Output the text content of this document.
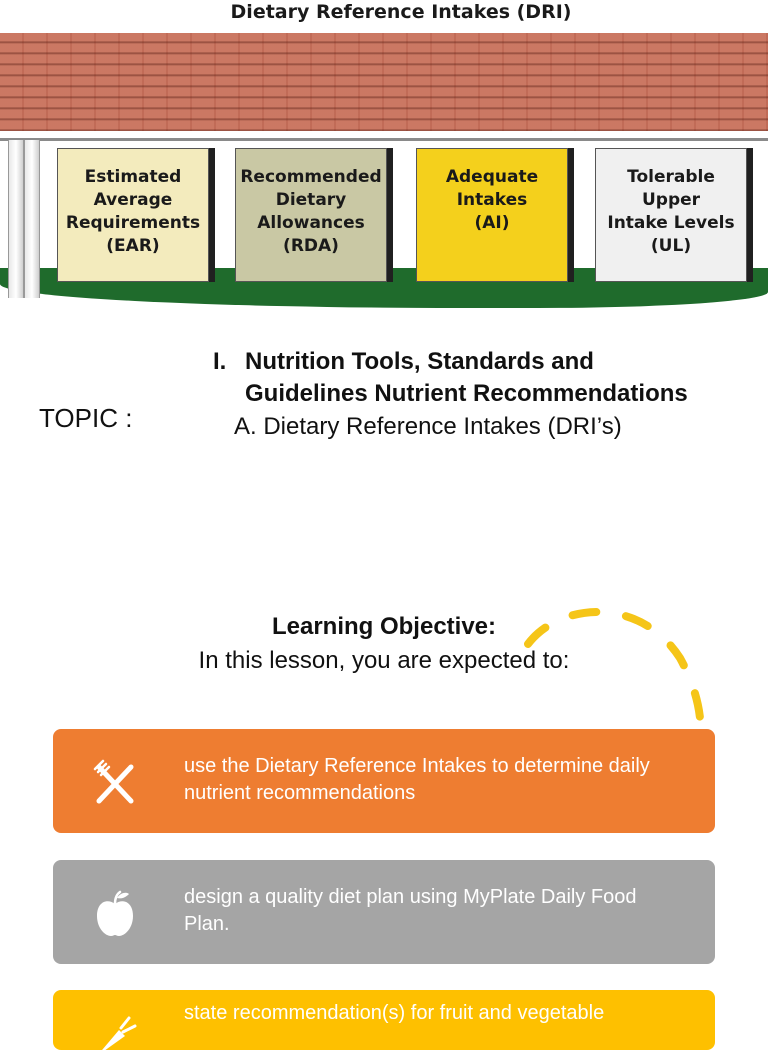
Dietary Reference Intakes (DRI)
Estimated
Average
Requirements
(EAR)
Recommended
Dietary
Allowances
(RDA)
Adequate
Intakes
(AI)
Tolerable
Upper
Intake Levels
(UL)
TOPIC :
I. Nutrition Tools, Standards and
Guidelines Nutrient Recommendations
A. Dietary Reference Intakes (DRI’s)
Learning Objective:
In this lesson, you are expected to:
use the Dietary Reference Intakes to determine daily nutrient recommendations
design a quality diet plan using MyPlate Daily Food Plan.
state recommendation(s) for fruit and vegetable
